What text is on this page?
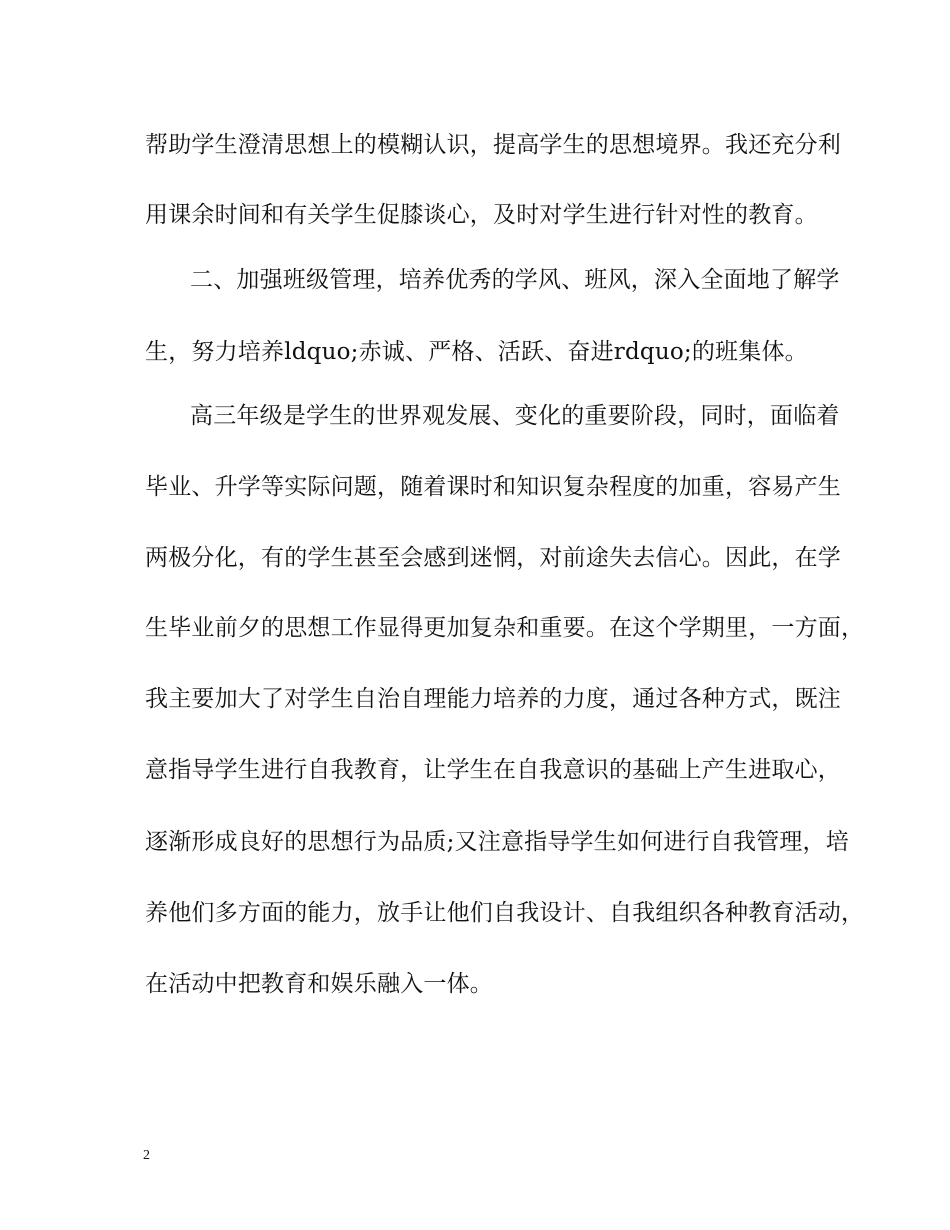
帮助学生澄清思想上的模糊认识，提高学生的思想境界。我还充分利
用课余时间和有关学生促膝谈心，及时对学生进行针对性的教育。
二、加强班级管理，培养优秀的学风、班风，深入全面地了解学
生，努力培养ldquo;赤诚、严格、活跃、奋进rdquo;的班集体。
高三年级是学生的世界观发展、变化的重要阶段，同时，面临着
毕业、升学等实际问题，随着课时和知识复杂程度的加重，容易产生
两极分化，有的学生甚至会感到迷惘，对前途失去信心。因此，在学
生毕业前夕的思想工作显得更加复杂和重要。在这个学期里，一方面，
我主要加大了对学生自治自理能力培养的力度，通过各种方式，既注
意指导学生进行自我教育，让学生在自我意识的基础上产生进取心，
逐渐形成良好的思想行为品质;又注意指导学生如何进行自我管理，培
养他们多方面的能力，放手让他们自我设计、自我组织各种教育活动，
在活动中把教育和娱乐融入一体。
2
